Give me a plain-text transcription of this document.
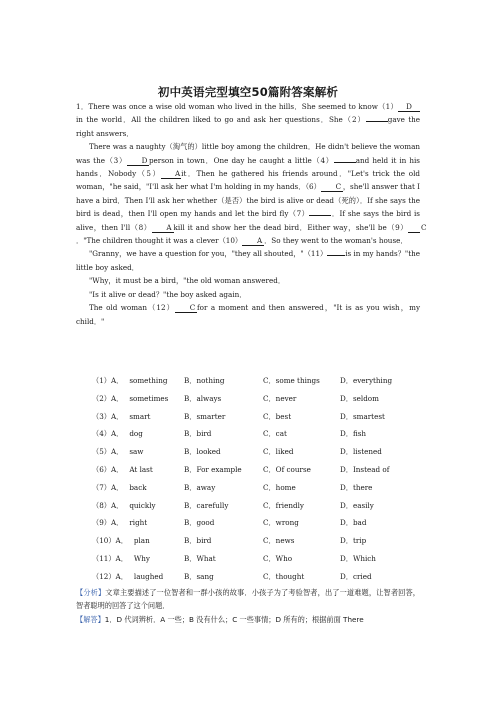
初中英语完型填空50篇附答案解析

1．There was once a wise old woman who lived in the hills．She seemed to know（1） Din the world．All the children liked to go and ask her questions．She（2）	gave the right answers．

There was a naughty（淘气的）little boy among the children．He didn't believe the woman was the（3） D person in town．One day he caught a little（4）	and held it in his hands．Nobody（5） Ait．Then he gathered his friends around．"Let's trick the old woman，"he said，"I'll ask her what I'm holding in my hands．（6） C ，she'll answer that I have a bird．Then I'll ask her whether（是否）the bird is alive or dead（死的）．If she says the bird is dead，then I'll open my hands and let the bird fly（7）	．If she says the bird is alive，then I'll（8） A kill it and show her the dead bird．Either way，she'll be（9） C．"The children thought it was a clever（10） A ．So they went to the woman's house．

"Granny，we have a question for you，"they all shouted，"（11）	is in my hands？"the little boy asked．

"Why，it must be a bird，"the old woman answered．

"Is it alive or dead？"the boy asked again．

The old woman（12） C for a moment and then answered，"It is as you wish，my child．"

（1）A． something B．nothing	C．some things	D．everything
（2）A． sometimes B．always	C．never	D．seldom
（3）A． smart	B．smarter	C．best	D．smartest
（4）A． dog	B．bird	C．cat	D．fish
（5）A． saw	B．looked	C．liked	D．listened
（6）A． At last	B．For example	C．Of course	D．Instead of
（7）A． back	B．away	C．home	D．there
（8）A． quickly	B．carefully	C．friendly	D．easily
（9）A． right	B．good	C．wrong	D．bad
（10）A． plan	B．bird	C．news	D．trip
（11）A． Why	B．What	C．Who	D．Which
（12）A． laughed	B．sang	C．thought	D．cried

【分析】文章主要描述了一位智者和一群小孩的故事．小孩子为了考验智者，出了一道难题，让智者回答，智者聪明的回答了这个问题．

【解答】1．D 代词辨析．A 一些；B 没有什么；C 一些事情；D 所有的；根据前面 There
